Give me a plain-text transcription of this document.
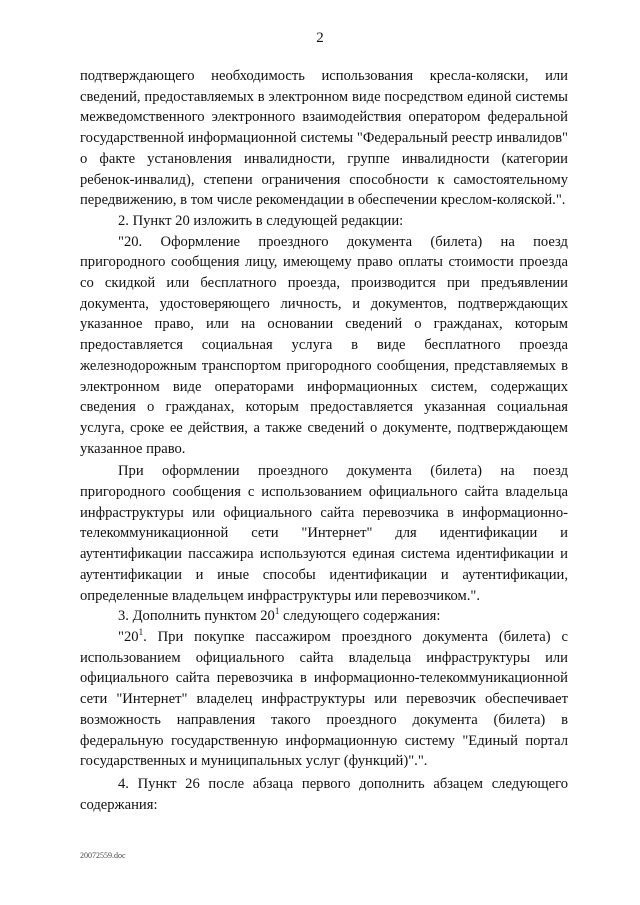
2

подтверждающего необходимость использования кресла-коляски, или сведений, предоставляемых в электронном виде посредством единой системы межведомственного электронного взаимодействия оператором федеральной государственной информационной системы "Федеральный реестр инвалидов" о факте установления инвалидности, группе инвалидности (категории ребенок-инвалид), степени ограничения способности к самостоятельному передвижению, в том числе рекомендации в обеспечении креслом-коляской.".

2. Пункт 20 изложить в следующей редакции:

"20. Оформление проездного документа (билета) на поезд пригородного сообщения лицу, имеющему право оплаты стоимости проезда со скидкой или бесплатного проезда, производится при предъявлении документа, удостоверяющего личность, и документов, подтверждающих указанное право, или на основании сведений о гражданах, которым предоставляется социальная услуга в виде бесплатного проезда железнодорожным транспортом пригородного сообщения, представляемых в электронном виде операторами информационных систем, содержащих сведения о гражданах, которым предоставляется указанная социальная услуга, сроке ее действия, а также сведений о документе, подтверждающем указанное право.

При оформлении проездного документа (билета) на поезд пригородного сообщения с использованием официального сайта владельца инфраструктуры или официального сайта перевозчика в информационно-телекоммуникационной сети "Интернет" для идентификации и аутентификации пассажира используются единая система идентификации и аутентификации и иные способы идентификации и аутентификации, определенные владельцем инфраструктуры или перевозчиком.".

3. Дополнить пунктом $20^1$ следующего содержания:

"$20^1$. При покупке пассажиром проездного документа (билета) с использованием официального сайта владельца инфраструктуры или официального сайта перевозчика в информационно-телекоммуникационной сети "Интернет" владелец инфраструктуры или перевозчик обеспечивает возможность направления такого проездного документа (билета) в федеральную государственную информационную систему "Единый портал государственных и муниципальных услуг (функций)".".

4. Пункт 26 после абзаца первого дополнить абзацем следующего содержания:

20072559.doc
